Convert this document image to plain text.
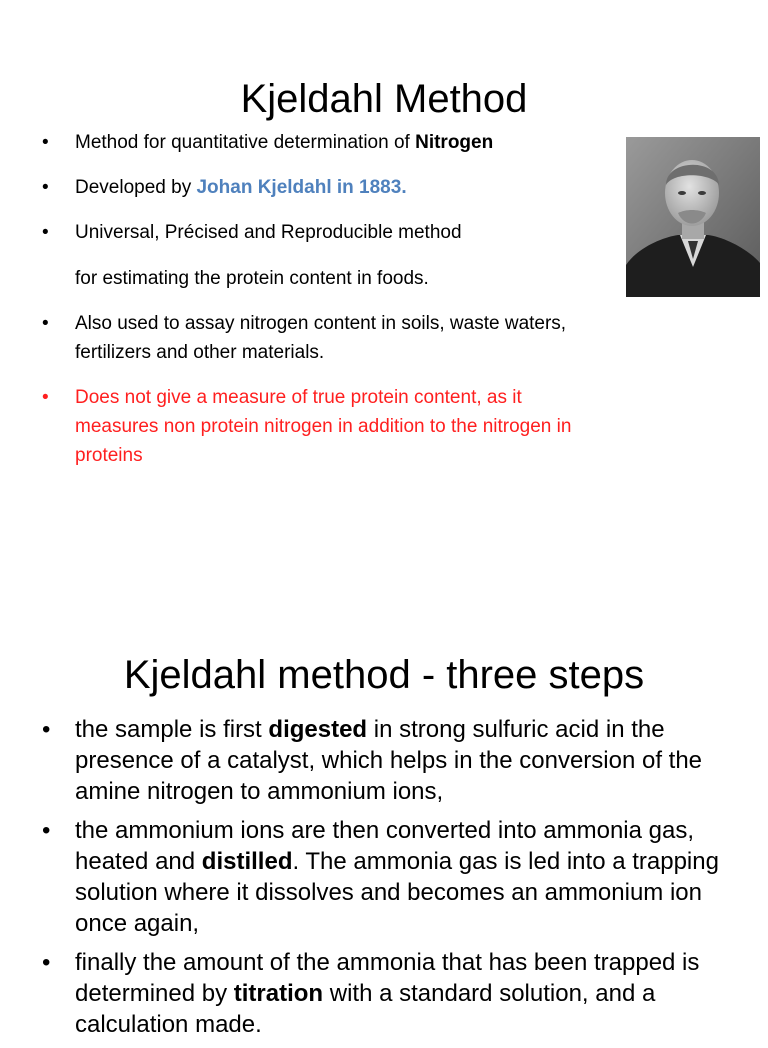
Kjeldahl Method

• Method for quantitative determination of Nitrogen

• Developed by Johan Kjeldahl in 1883.

• Universal, Précised and Reproducible method

for estimating the protein content in foods.

• Also used to assay nitrogen content in soils, waste waters,
fertilizers and other materials.

• Does not give a measure of true protein content, as it
measures non protein nitrogen in addition to the nitrogen in
proteins

Kjeldahl method - three steps

• the sample is first digested in strong sulfuric acid in the presence of a catalyst, which helps in the conversion of the amine nitrogen to ammonium ions,

• the ammonium ions are then converted into ammonia gas, heated and distilled. The ammonia gas is led into a trapping solution where it dissolves and becomes an ammonium ion once again,

• finally the amount of the ammonia that has been trapped is determined by titration with a standard solution, and a calculation made.
